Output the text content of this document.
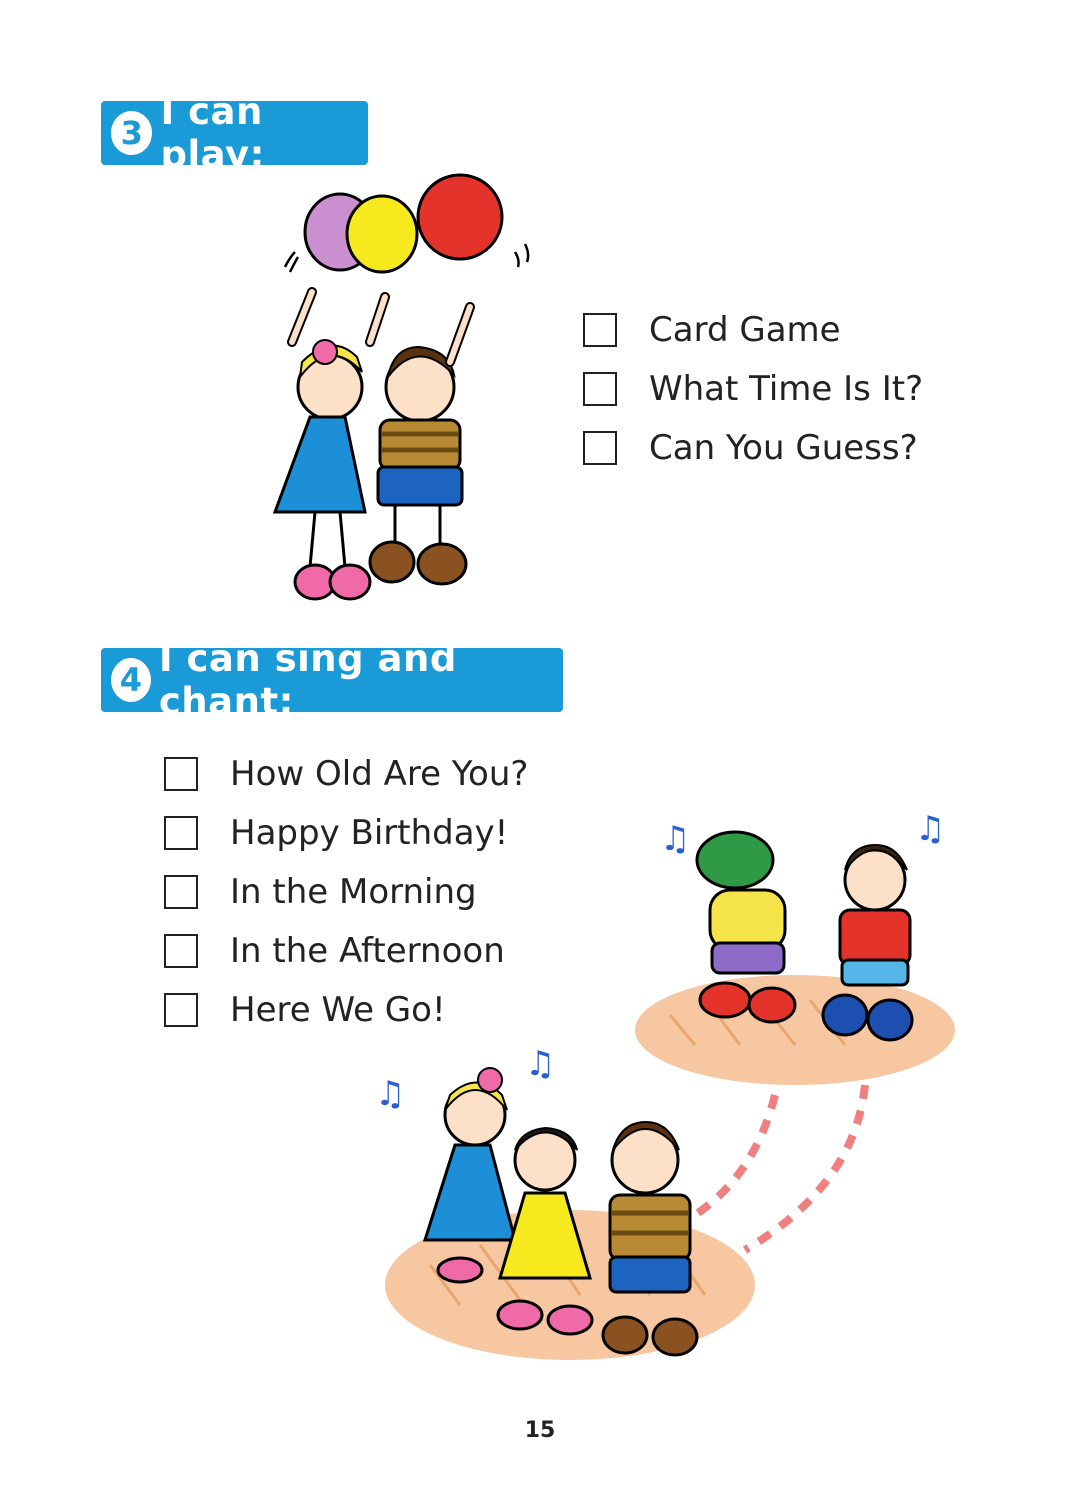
3 I can play:
Card Game
What Time Is It?
Can You Guess?
4 I can sing and chant:
How Old Are You?
Happy Birthday!
In the Morning
In the Afternoon
Here We Go!
♫	♫
♫
♫
15
